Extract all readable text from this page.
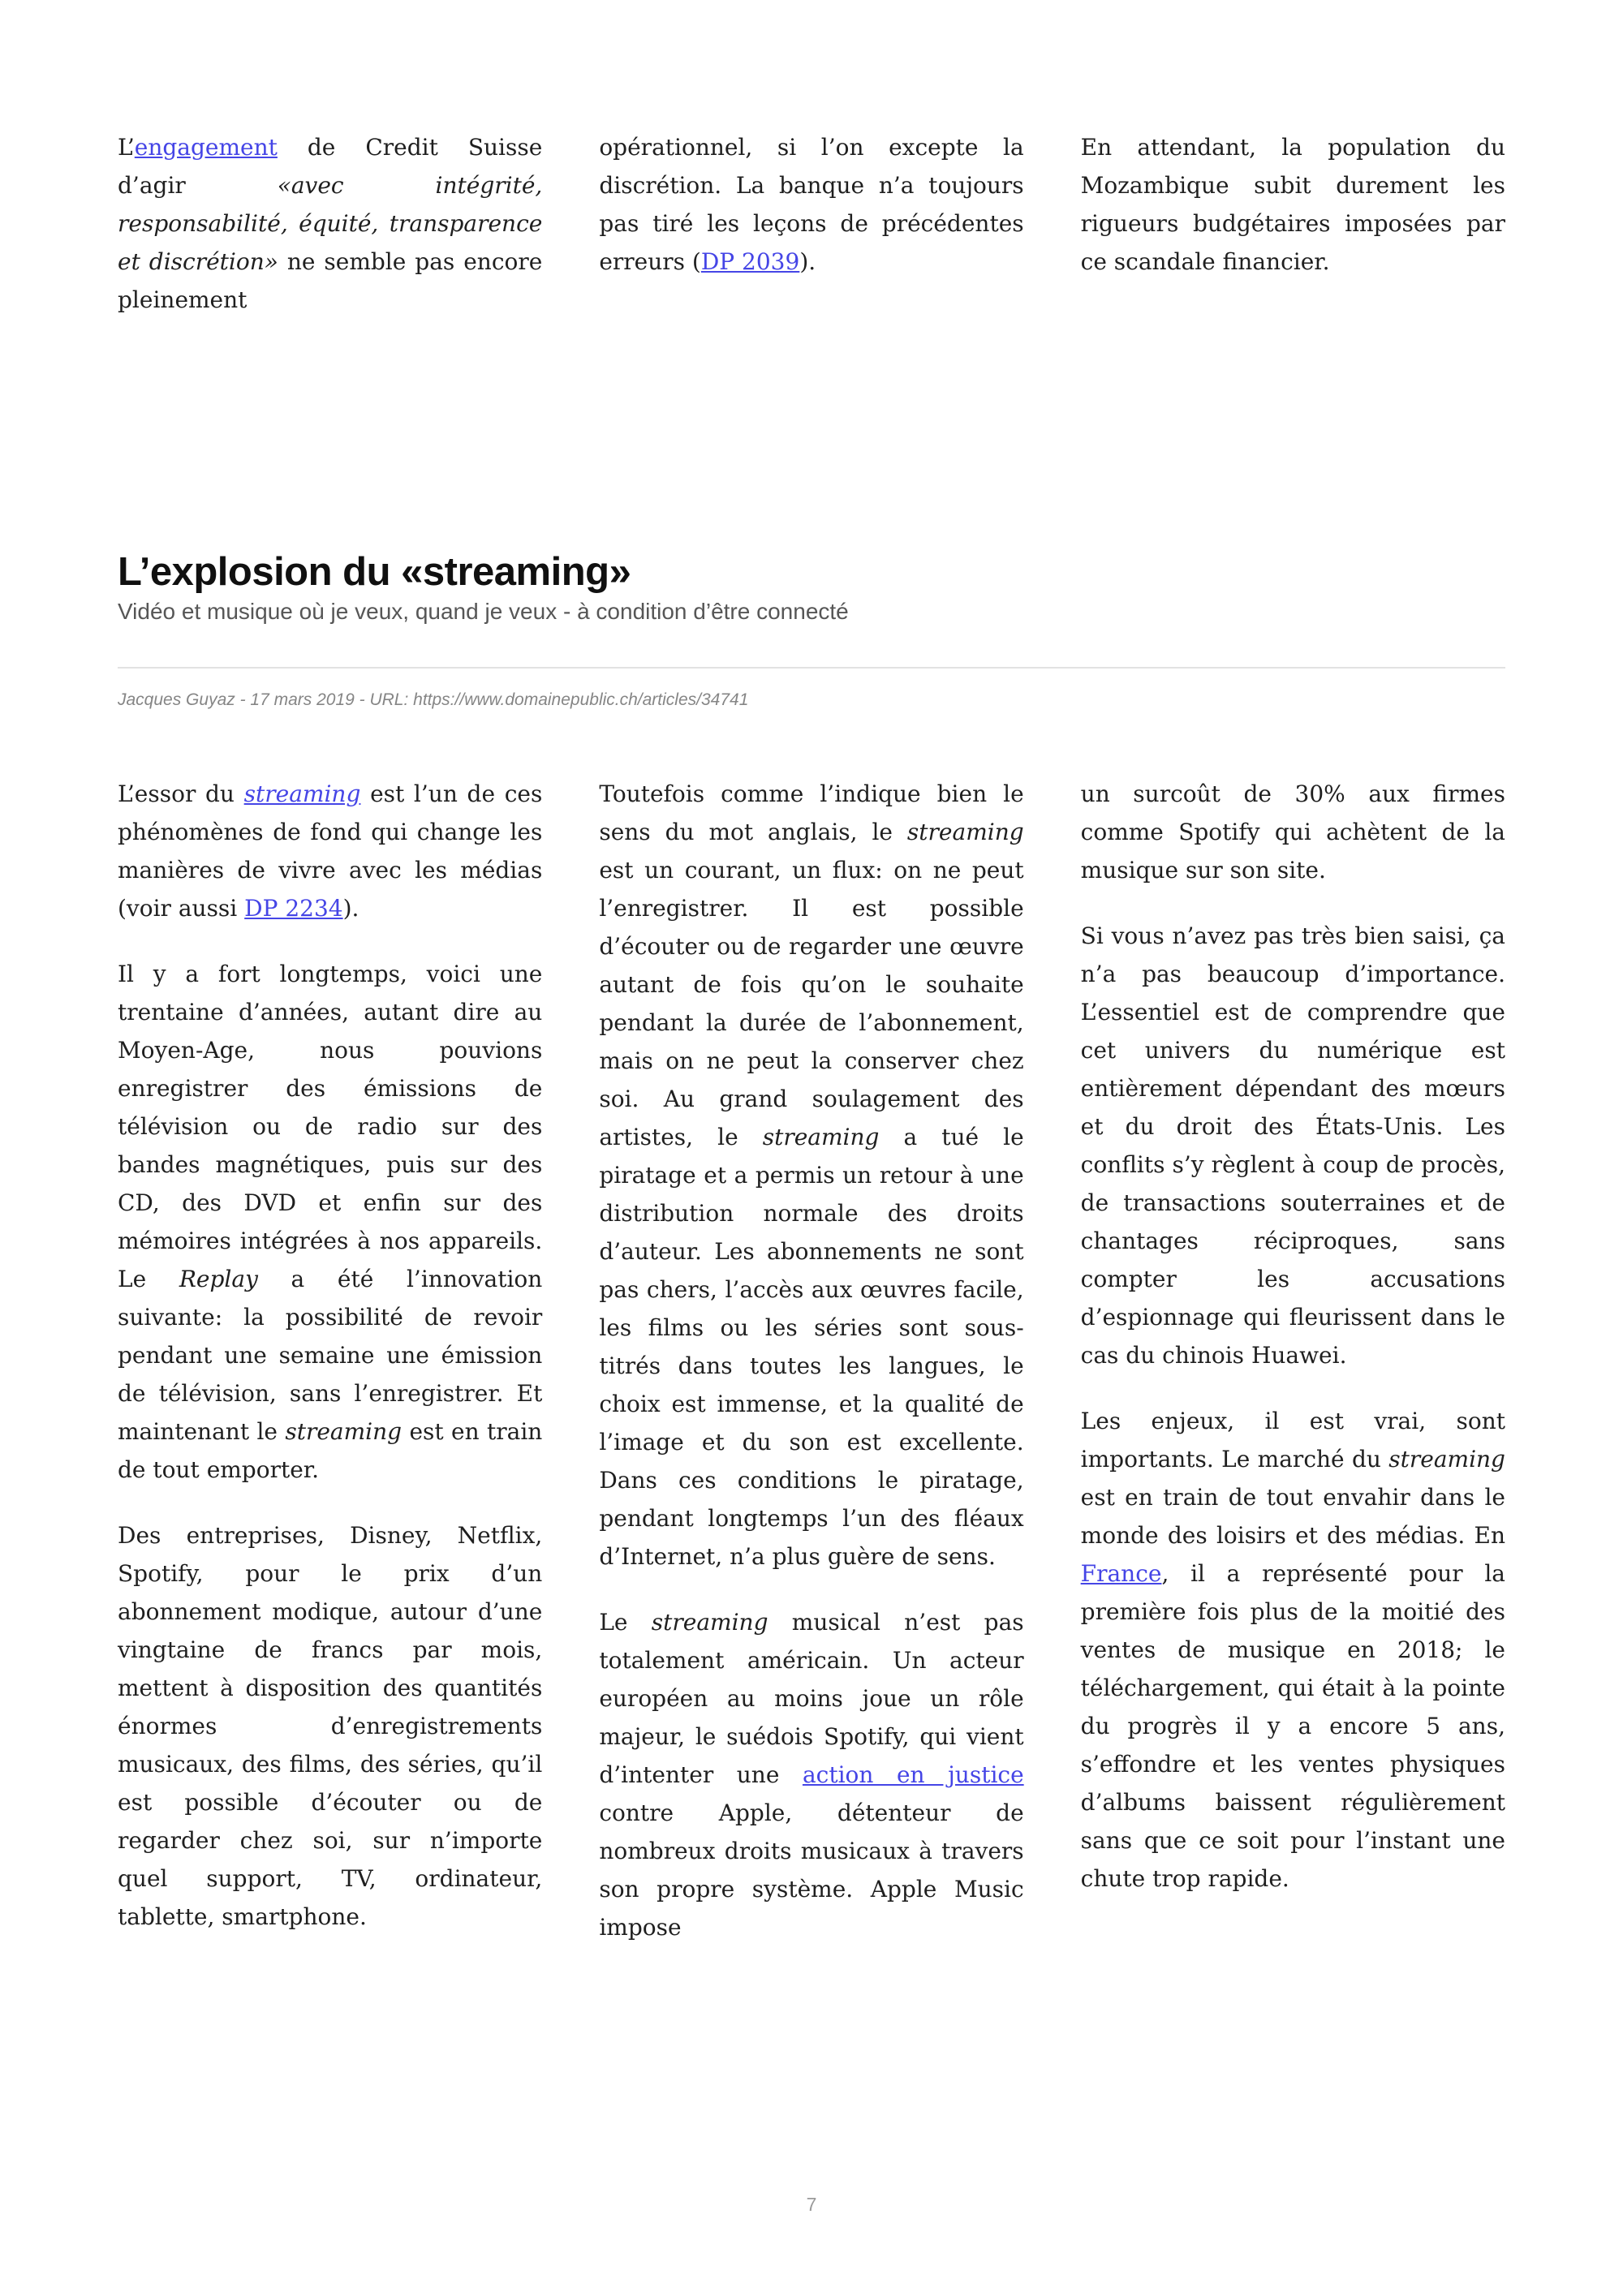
L’engagement de Credit Suisse d’agir «avec intégrité, responsabilité, équité, transparence et discrétion» ne semble pas encore pleinement

opérationnel, si l’on excepte la discrétion. La banque n’a toujours pas tiré les leçons de précédentes erreurs (DP 2039).

En attendant, la population du Mozambique subit durement les rigueurs budgétaires imposées par ce scandale financier.

L’explosion du «streaming»
Vidéo et musique où je veux, quand je veux - à condition d’être connecté
Jacques Guyaz - 17 mars 2019 - URL: https://www.domainepublic.ch/articles/34741

L’essor du streaming est l’un de ces phénomènes de fond qui change les manières de vivre avec les médias (voir aussi DP 2234).

Il y a fort longtemps, voici une trentaine d’années, autant dire au Moyen-Age, nous pouvions enregistrer des émissions de télévision ou de radio sur des bandes magnétiques, puis sur des CD, des DVD et enfin sur des mémoires intégrées à nos appareils. Le Replay a été l’innovation suivante: la possibilité de revoir pendant une semaine une émission de télévision, sans l’enregistrer. Et maintenant le streaming est en train de tout emporter.

Des entreprises, Disney, Netflix, Spotify, pour le prix d’un abonnement modique, autour d’une vingtaine de francs par mois, mettent à disposition des quantités énormes d’enregistrements musicaux, des films, des séries, qu’il est possible d’écouter ou de regarder chez soi, sur n’importe quel support, TV, ordinateur, tablette, smartphone.

Toutefois comme l’indique bien le sens du mot anglais, le streaming est un courant, un flux: on ne peut l’enregistrer. Il est possible d’écouter ou de regarder une œuvre autant de fois qu’on le souhaite pendant la durée de l’abonnement, mais on ne peut la conserver chez soi. Au grand soulagement des artistes, le streaming a tué le piratage et a permis un retour à une distribution normale des droits d’auteur. Les abonnements ne sont pas chers, l’accès aux œuvres facile, les films ou les séries sont sous-titrés dans toutes les langues, le choix est immense, et la qualité de l’image et du son est excellente. Dans ces conditions le piratage, pendant longtemps l’un des fléaux d’Internet, n’a plus guère de sens.

Le streaming musical n’est pas totalement américain. Un acteur européen au moins joue un rôle majeur, le suédois Spotify, qui vient d’intenter une action en justice contre Apple, détenteur de nombreux droits musicaux à travers son propre système. Apple Music impose

un surcoût de 30% aux firmes comme Spotify qui achètent de la musique sur son site.

Si vous n’avez pas très bien saisi, ça n’a pas beaucoup d’importance. L’essentiel est de comprendre que cet univers du numérique est entièrement dépendant des mœurs et du droit des États-Unis. Les conflits s’y règlent à coup de procès, de transactions souterraines et de chantages réciproques, sans compter les accusations d’espionnage qui fleurissent dans le cas du chinois Huawei.

Les enjeux, il est vrai, sont importants. Le marché du streaming est en train de tout envahir dans le monde des loisirs et des médias. En France, il a représenté pour la première fois plus de la moitié des ventes de musique en 2018; le téléchargement, qui était à la pointe du progrès il y a encore 5 ans, s’effondre et les ventes physiques d’albums baissent régulièrement sans que ce soit pour l’instant une chute trop rapide.

7
